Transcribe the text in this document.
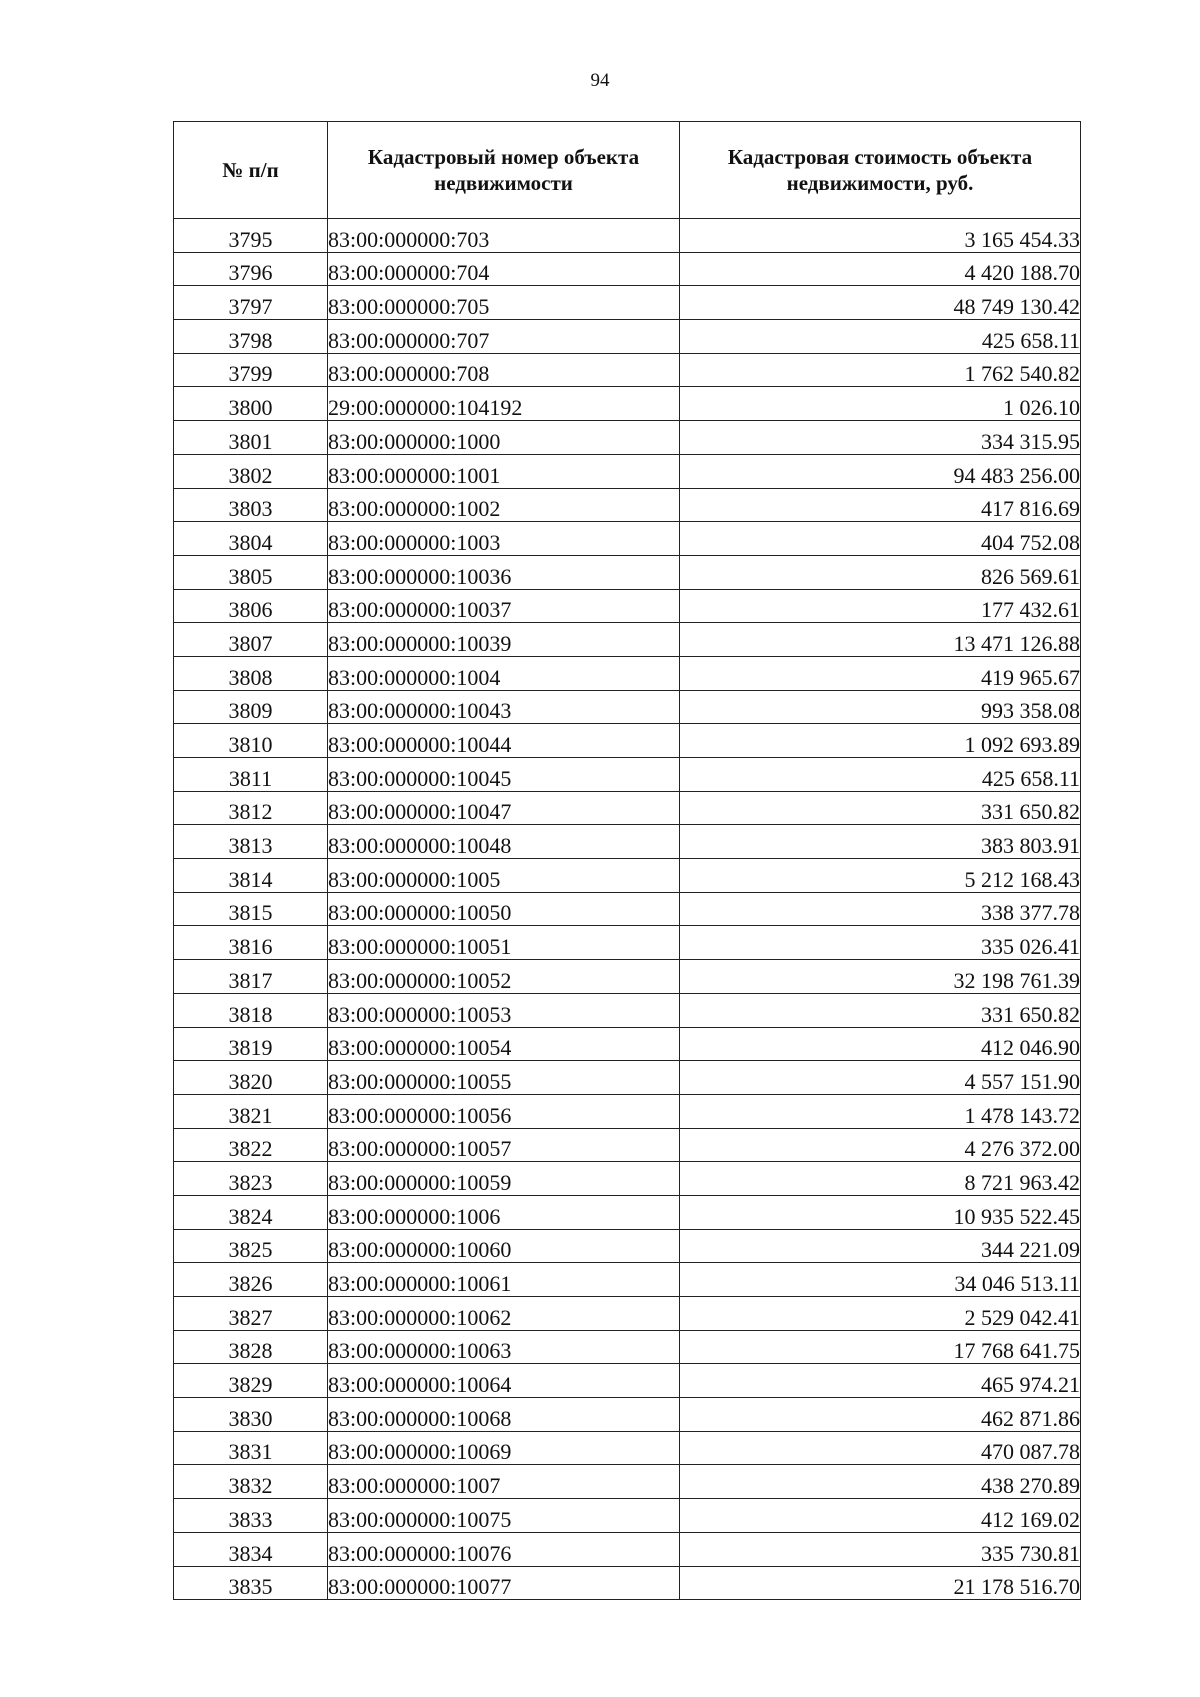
94
№ п/п	Кадастровый номер объекта недвижимости	Кадастровая стоимость объекта недвижимости, руб.
3795	83:00:000000:703	3 165 454.33
3796	83:00:000000:704	4 420 188.70
3797	83:00:000000:705	48 749 130.42
3798	83:00:000000:707	425 658.11
3799	83:00:000000:708	1 762 540.82
3800	29:00:000000:104192	1 026.10
3801	83:00:000000:1000	334 315.95
3802	83:00:000000:1001	94 483 256.00
3803	83:00:000000:1002	417 816.69
3804	83:00:000000:1003	404 752.08
3805	83:00:000000:10036	826 569.61
3806	83:00:000000:10037	177 432.61
3807	83:00:000000:10039	13 471 126.88
3808	83:00:000000:1004	419 965.67
3809	83:00:000000:10043	993 358.08
3810	83:00:000000:10044	1 092 693.89
3811	83:00:000000:10045	425 658.11
3812	83:00:000000:10047	331 650.82
3813	83:00:000000:10048	383 803.91
3814	83:00:000000:1005	5 212 168.43
3815	83:00:000000:10050	338 377.78
3816	83:00:000000:10051	335 026.41
3817	83:00:000000:10052	32 198 761.39
3818	83:00:000000:10053	331 650.82
3819	83:00:000000:10054	412 046.90
3820	83:00:000000:10055	4 557 151.90
3821	83:00:000000:10056	1 478 143.72
3822	83:00:000000:10057	4 276 372.00
3823	83:00:000000:10059	8 721 963.42
3824	83:00:000000:1006	10 935 522.45
3825	83:00:000000:10060	344 221.09
3826	83:00:000000:10061	34 046 513.11
3827	83:00:000000:10062	2 529 042.41
3828	83:00:000000:10063	17 768 641.75
3829	83:00:000000:10064	465 974.21
3830	83:00:000000:10068	462 871.86
3831	83:00:000000:10069	470 087.78
3832	83:00:000000:1007	438 270.89
3833	83:00:000000:10075	412 169.02
3834	83:00:000000:10076	335 730.81
3835	83:00:000000:10077	21 178 516.70
